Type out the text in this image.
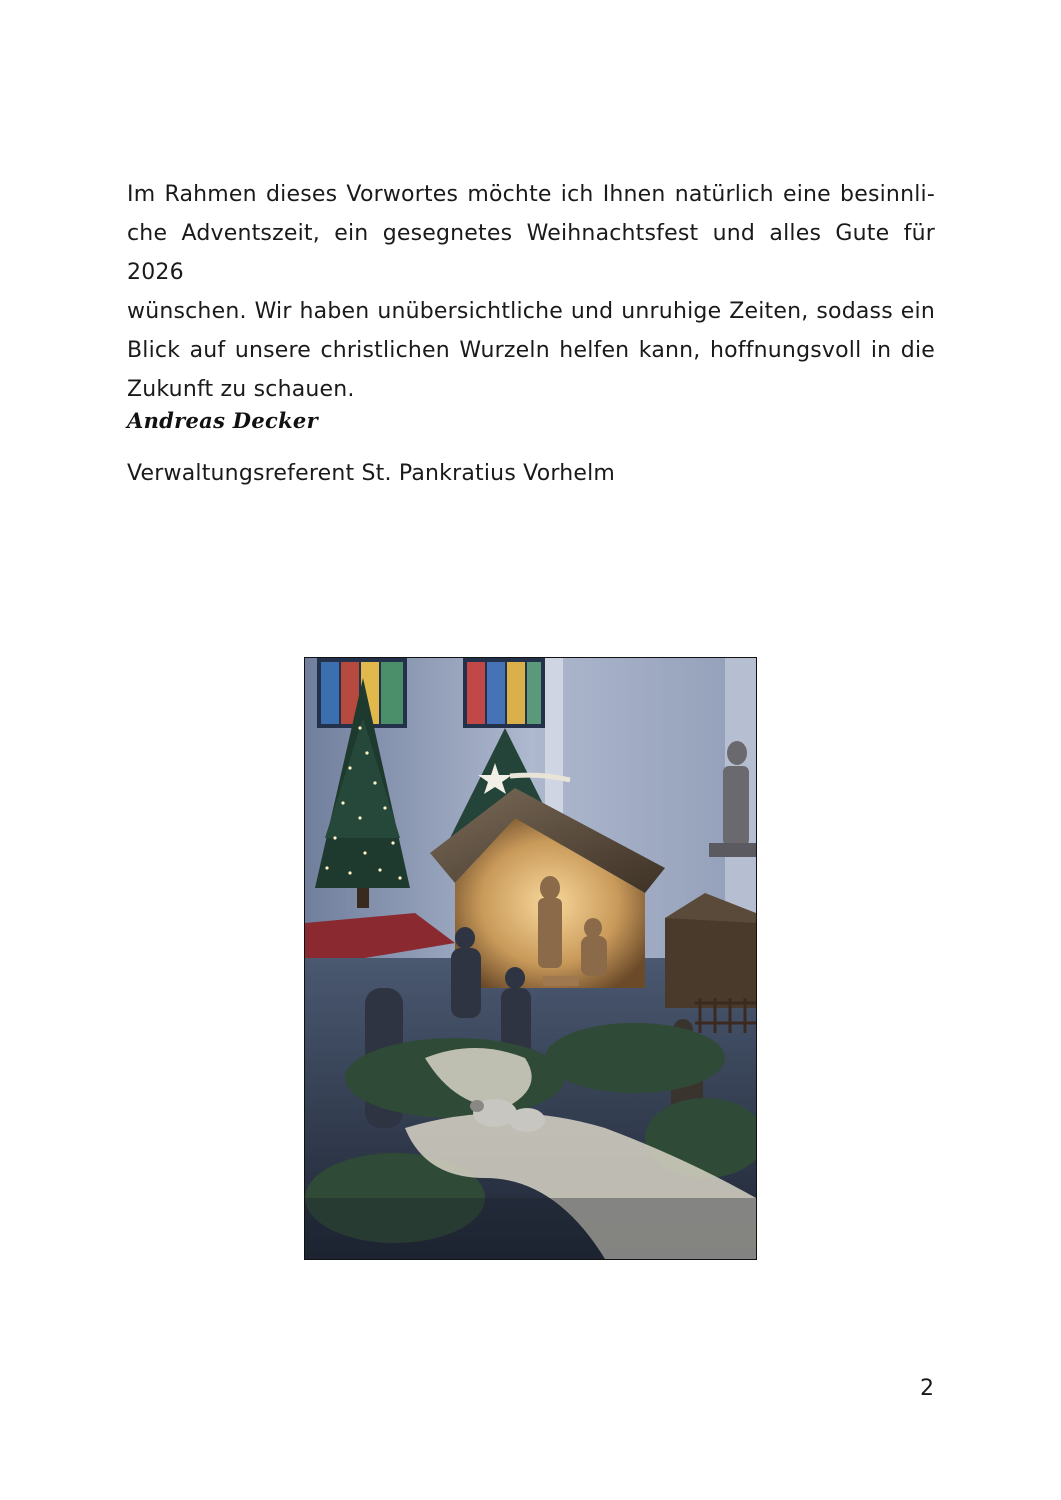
Im Rahmen dieses Vorwortes möchte ich Ihnen natürlich eine besinnli-
che Adventszeit, ein gesegnetes Weihnachtsfest und alles Gute für 2026
wünschen. Wir haben unübersichtliche und unruhige Zeiten, sodass ein
Blick auf unsere christlichen Wurzeln helfen kann, hoffnungsvoll in die
Zukunft zu schauen.
Andreas Decker
Verwaltungsreferent St. Pankratius Vorhelm
2
